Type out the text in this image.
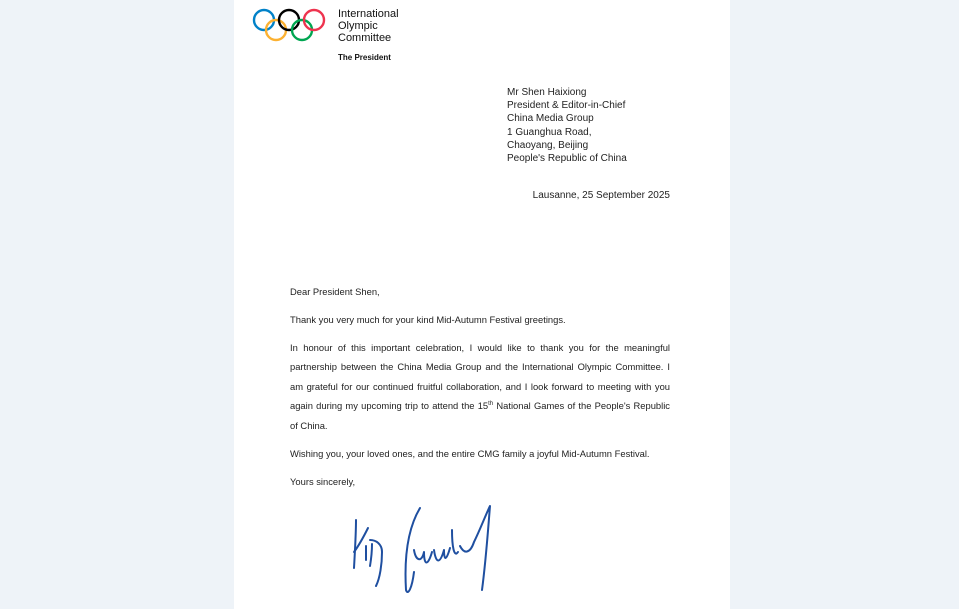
International
Olympic
Committee
The President
Mr Shen Haixiong
President & Editor-in-Chief
China Media Group
1 Guanghua Road,
Chaoyang, Beijing
People's Republic of China
Lausanne, 25 September 2025

Dear President Shen,

Thank you very much for your kind Mid-Autumn Festival greetings.

In honour of this important celebration, I would like to thank you for the meaningful partnership between the China Media Group and the International Olympic Committee. I am grateful for our continued fruitful collaboration, and I look forward to meeting with you again during my upcoming trip to attend the 15th National Games of the People's Republic of China.

Wishing you, your loved ones, and the entire CMG family a joyful Mid-Autumn Festival.

Yours sincerely,
